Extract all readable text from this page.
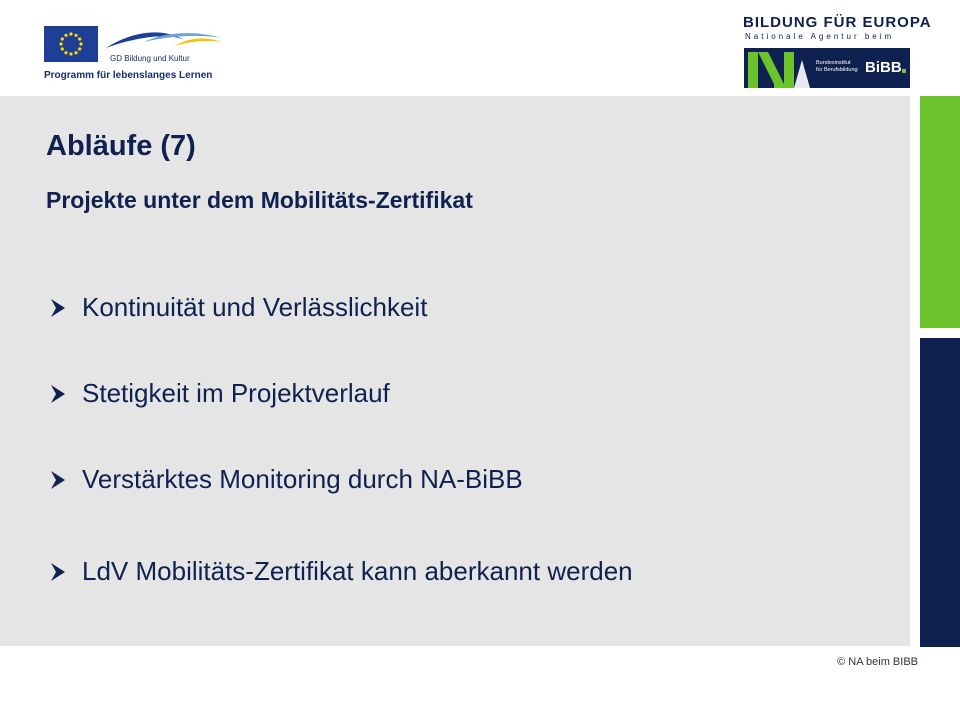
GD Bildung und Kultur
Programm für lebenslanges Lernen
BILDUNG FÜR EUROPA
Nationale Agentur beim
Bundesinstitut
für Berufsbildung BiBB
Abläufe (7)
Projekte unter dem Mobilitäts-Zertifikat
Kontinuität und Verlässlichkeit
Stetigkeit im Projektverlauf
Verstärktes Monitoring durch NA-BiBB
LdV Mobilitäts-Zertifikat kann aberkannt werden
© NA beim BIBB
